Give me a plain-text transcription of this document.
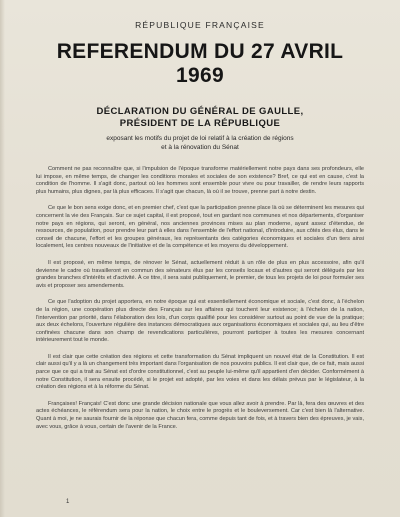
RÉPUBLIQUE FRANÇAISE
REFERENDUM DU 27 AVRIL 1969
DÉCLARATION DU GÉNÉRAL DE GAULLE,
PRÉSIDENT DE LA RÉPUBLIQUE
exposant les motifs du projet de loi relatif à la création de régions
et à la rénovation du Sénat

Comment ne pas reconnaître que, si l'impulsion de l'époque transforme matériellement notre pays dans ses profondeurs, elle lui impose, en même temps, de changer les conditions morales et sociales de son existence? Bref, ce qui est en cause, c'est la condition de l'homme. Il s'agit donc, partout où les hommes sont ensemble pour vivre ou pour travailler, de rendre leurs rapports plus humains, plus dignes, par là plus efficaces. Il s'agit que chacun, là où il se trouve, prenne part à notre destin.

Ce que le bon sens exige donc, et en premier chef, c'est que la participation prenne place là où se déterminent les mesures qui concernent la vie des Français. Sur ce sujet capital, il est proposé, tout en gardant nos communes et nos départements, d'organiser notre pays en régions, qui seront, en général, nos anciennes provinces mises au plan moderne, ayant assez d'étendue, de ressources, de population, pour prendre leur part à elles dans l'ensemble de l'effort national, d'introduire, aux côtés des élus, dans le conseil de chacune, l'effort et les groupes généraux, les représentants des catégories économiques et sociales d'un tiers ainsi localement, les centres nouveaux de l'initiative et de la compétence et les moyens du développement.

Il est proposé, en même temps, de rénover le Sénat, actuellement réduit à un rôle de plus en plus accessoire, afin qu'il devienne le cadre où travailleront en commun des sénateurs élus par les conseils locaux et d'autres qui seront délégués par les grandes branches d'intérêts et d'activité. À ce titre, il sera saisi publiquement, le premier, de tous les projets de loi pour formuler ses avis et proposer ses amendements.

Ce que l'adoption du projet apportera, en notre époque qui est essentiellement économique et sociale, c'est donc, à l'échelon de la région, une coopération plus directe des Français sur les affaires qui touchent leur existence; à l'échelon de la nation, l'intervention par priorité, dans l'élaboration des lois, d'un corps qualifié pour les considérer surtout au point de vue de la pratique; aux deux échelons, l'ouverture régulière des instances démocratiques aux organisations économiques et sociales qui, au lieu d'être confinées chacune dans son champ de revendications particulières, pourront participer à toutes les mesures concernant intérieurement tout le monde.

Il est clair que cette création des régions et cette transformation du Sénat impliquent un nouvel état de la Constitution. Il est clair aussi qu'il y a là un changement très important dans l'organisation de nos pouvoirs publics. Il est clair que, de ce fait, mais aussi parce que ce qui a trait au Sénat est d'ordre constitutionnel, c'est au peuple lui-même qu'il appartient d'en décider. Conformément à notre Constitution, il sera ensuite procédé, si le projet est adopté, par les voies et dans les délais prévus par le législateur, à la création des régions et à la réforme du Sénat.

Françaises! Français! C'est donc une grande décision nationale que vous allez avoir à prendre. Par là, fera des œuvres et des actes échéances, le référendum sera pour la nation, le choix entre le progrès et le bouleversement. Car c'est bien là l'alternative. Quant à moi, je ne saurais fournir de la réponse que chacun fera, comme depuis tant de fois, et à travers bien des épreuves, je vais, avec vous, grâce à vous, certain de l'avenir de la France.

1
